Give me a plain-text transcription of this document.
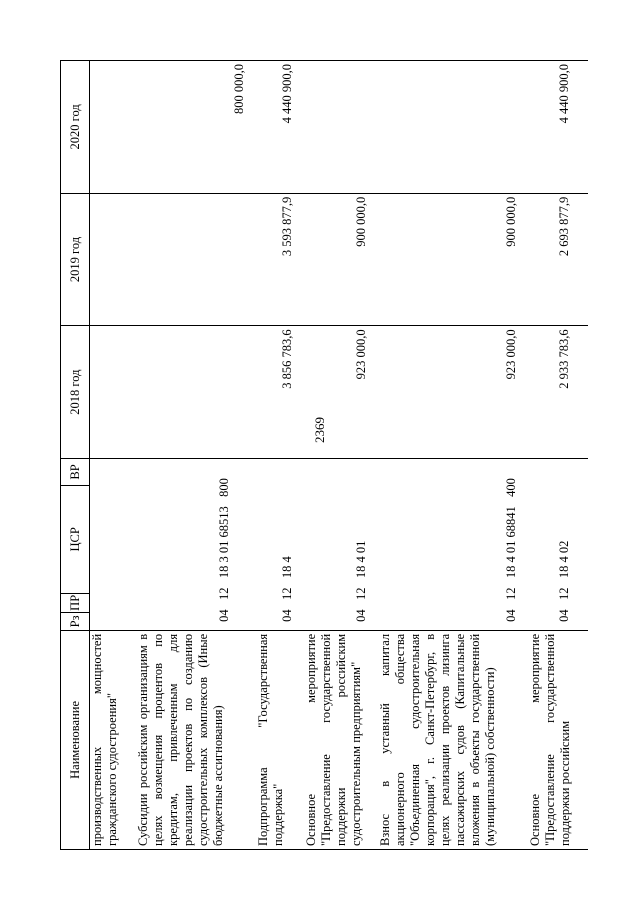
2369
Наименование	Рз	ПР	ЦСР	ВР	2018 год	2019 год	2020 год
производственных мощностей гражданского судостроения"							
Субсидии российским организациям в целях возмещения процентов по кредитам, привлеченным для реализации проектов по созданию судостроительных комплексов (Иные бюджетные ассигнования)	04   12   18 3 01 68513   800						800 000,0
Подпрограмма "Государственная поддержка"	04   12   18 4				3 856 783,6	3 593 877,9	4 440 900,0
Основное мероприятие "Предоставление государственной поддержки российским судостроительным предприятиям"	04   12   18 4 01				923 000,0	900 000,0	
Взнос в уставный капитал акционерного общества "Объединенная судостроительная корпорация", г. Санкт-Петербург, в целях реализации проектов лизинга пассажирских судов (Капитальные вложения в объекты государственной (муниципальной) собственности)	04   12   18 4 01 68841   400				923 000,0	900 000,0	
Основное мероприятие "Предоставление государственной поддержки российским	04   12   18 4 02				2 933 783,6	2 693 877,9	4 440 900,0
